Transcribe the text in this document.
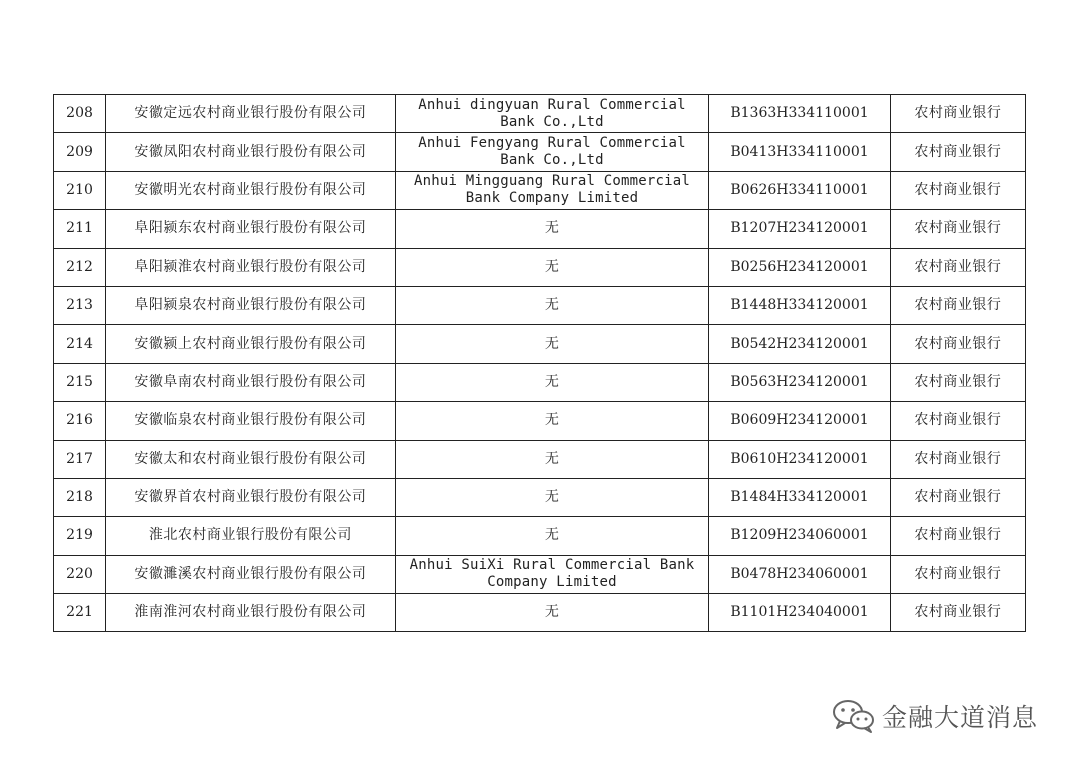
208	安徽定远农村商业银行股份有限公司	Anhui dingyuan Rural Commercial Bank Co.,Ltd	B1363H334110001	农村商业银行
209	安徽凤阳农村商业银行股份有限公司	Anhui Fengyang Rural Commercial Bank Co.,Ltd	B0413H334110001	农村商业银行
210	安徽明光农村商业银行股份有限公司	Anhui Mingguang Rural Commercial Bank Company Limited	B0626H334110001	农村商业银行
211	阜阳颍东农村商业银行股份有限公司	无	B1207H234120001	农村商业银行
212	阜阳颍淮农村商业银行股份有限公司	无	B0256H234120001	农村商业银行
213	阜阳颍泉农村商业银行股份有限公司	无	B1448H334120001	农村商业银行
214	安徽颍上农村商业银行股份有限公司	无	B0542H234120001	农村商业银行
215	安徽阜南农村商业银行股份有限公司	无	B0563H234120001	农村商业银行
216	安徽临泉农村商业银行股份有限公司	无	B0609H234120001	农村商业银行
217	安徽太和农村商业银行股份有限公司	无	B0610H234120001	农村商业银行
218	安徽界首农村商业银行股份有限公司	无	B1484H334120001	农村商业银行
219	淮北农村商业银行股份有限公司	无	B1209H234060001	农村商业银行
220	安徽濉溪农村商业银行股份有限公司	Anhui SuiXi Rural Commercial Bank Company Limited	B0478H234060001	农村商业银行
221	淮南淮河农村商业银行股份有限公司	无	B1101H234040001	农村商业银行
金融大道消息
